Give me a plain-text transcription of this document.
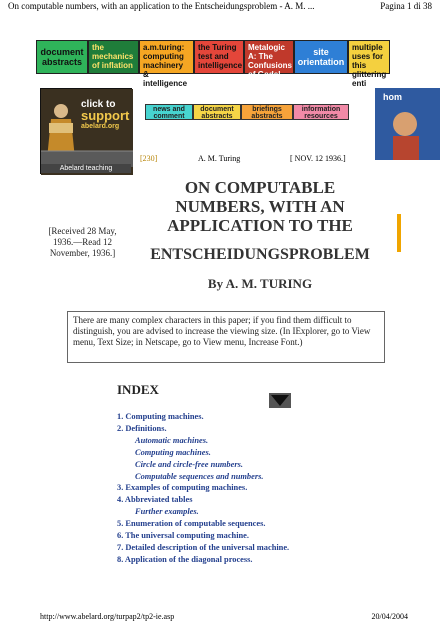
On computable numbers, with an application to the Entscheidungsproblem - A. M. ...	Pagina 1 di 38
document abstracts
the mechanics of inflation
a.m.turing: computing machinery & intelligence
the Turing test and intelligence
Metalogic A: The Confusions of Godel
site orientation
multiple uses for this glittering enti
click to
support
abelard.org
Abelard teaching
hom
news and comment
document abstracts
briefings abstracts
information resources
[230]	A. M. Turing	[ NOV. 12 1936.]
[Received 28 May, 1936.—Read 12 November, 1936.]
ON COMPUTABLE
NUMBERS, WITH AN
APPLICATION TO THE
ENTSCHEIDUNGSPROBLEM
By A. M. TURING
There are many complex characters in this paper; if you find them difficult to distinguish, you are advised to increase the viewing size. (In IExplorer, go to View menu, Text Size; in Netscape, go to View menu, Increase Font.)
INDEX
1. Computing machines.
2. Definitions.
Automatic machines.
Computing machines.
Circle and circle-free numbers.
Computable sequences and numbers.
3. Examples of computing machines.
4. Abbreviated tables
Further examples.
5. Enumeration of computable sequences.
6. The universal computing machine.
7. Detailed description of the universal machine.
8. Application of the diagonal process.
http://www.abelard.org/turpap2/tp2-ie.asp	20/04/2004
